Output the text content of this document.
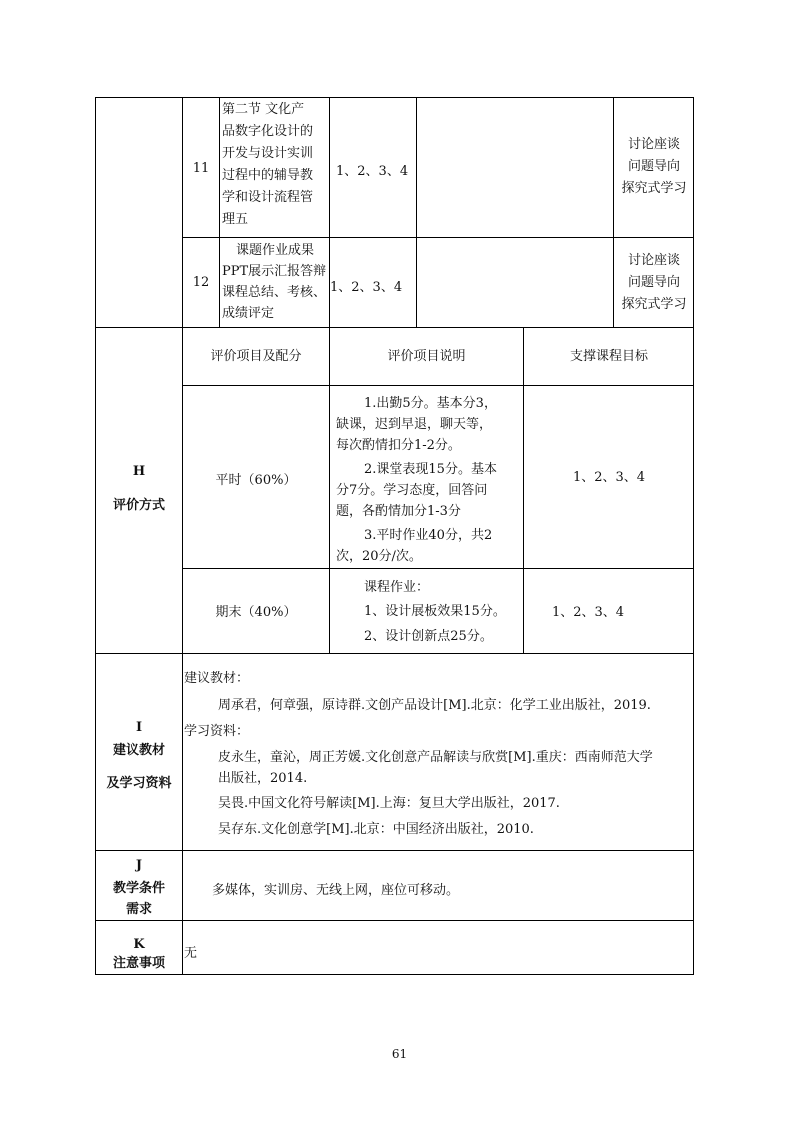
11
第二节 文化产
品数字化设计的
开发与设计实训
过程中的辅导教
学和设计流程管
理五
1、2、3、4
讨论座谈
问题导向
探究式学习
12
课题作业成果
PPT展示汇报答辩
课程总结、考核、
成绩评定
1、2、3、4
讨论座谈
问题导向
探究式学习
H
评价方式
评价项目及配分	评价项目说明	支撑课程目标
平时（60%）
1.出勤5分。基本分3，
缺课，迟到早退，聊天等，
每次酌情扣分1-2分。
2.课堂表现15分。基本
分7分。学习态度，回答问
题，各酌情加分1-3分
3.平时作业40分，共2
次，20分/次。
1、2、3、4
期末（40%）
课程作业：
1、设计展板效果15分。
2、设计创新点25分。
1、2、3、4
I
建议教材
及学习资料
建议教材：
周承君，何章强，原诗群.文创产品设计[M].北京：化学工业出版社，2019.
学习资料：
皮永生，童沁，周正芳媛.文化创意产品解读与欣赏[M].重庆：西南师范大学
出版社，2014.
吴畏.中国文化符号解读[M].上海：复旦大学出版社，2017.
吴存东.文化创意学[M].北京：中国经济出版社，2010.
J
教学条件
需求
多媒体，实训房、无线上网，座位可移动。
K
注意事项
无
61
